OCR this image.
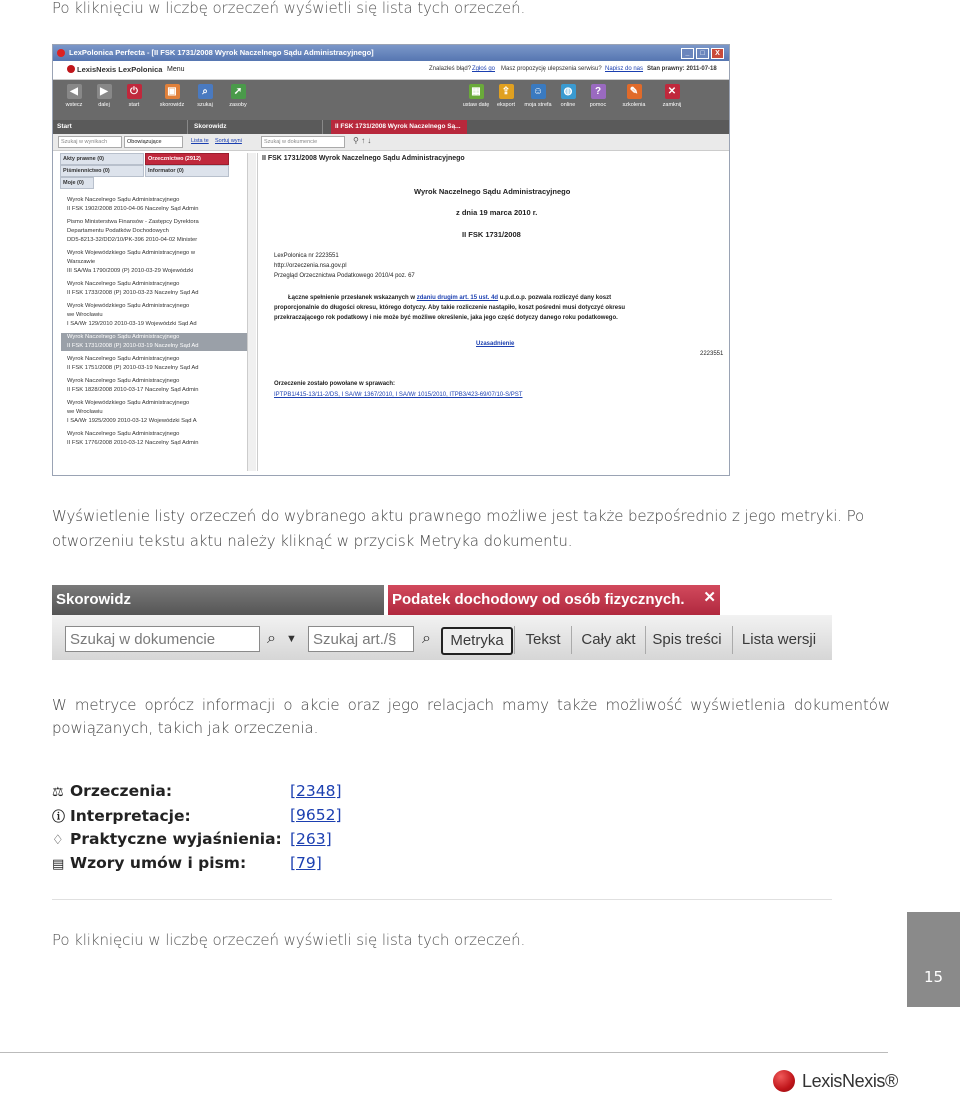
Po kliknięciu w liczbę orzeczeń wyświetli się lista tych orzeczeń.
LexPolonica Perfecta - [II FSK 1731/2008 Wyrok Naczelnego Sądu Administracyjnego]	_	□	X
LexisNexis LexPolonica Menu	Znalazłeś błąd? Zgłoś go Masz propozycję ulepszenia serwisu? Napisz do nas Stan prawny: 2011-07-18
◀
wstecz
▶
dalej
⏻
start
▣
skorowidz
⌕
szukaj
➚
zasoby
▦
ustaw datę
⇪
eksport
☺
moja strefa
◍
online
?
pomoc
✎
szkolenia
✕
zamknij
Start	Skorowidz	II FSK 1731/2008 Wyrok Naczelnego Są...
Szukaj w wynikach	Obowiązujące	Lista te Sortuj wyni	Szukaj w dokumencie	⚲ ↑ ↓
Akty prawne (0)	Orzecznictwo (2912)
Piśmiennictwo (0)	Informator (0)
Moje (0)
Wyrok Naczelnego Sądu Administracyjnego
II FSK 1902/2008 2010-04-06 Naczelny Sąd Admin
Pismo Ministerstwa Finansów - Zastępcy Dyrektora
Departamentu Podatków Dochodowych
DD5-8213-32/DD2/10/PK-396 2010-04-02 Minister
Wyrok Wojewódzkiego Sądu Administracyjnego w
Warszawie
III SA/Wa 1790/2009 (P) 2010-03-29 Wojewódzki
Wyrok Naczelnego Sądu Administracyjnego
II FSK 1733/2008 (P) 2010-03-23 Naczelny Sąd Ad
Wyrok Wojewódzkiego Sądu Administracyjnego
we Wrocławiu
I SA/Wr 129/2010 2010-03-19 Wojewódzki Sąd Ad
Wyrok Naczelnego Sądu Administracyjnego
II FSK 1731/2008 (P) 2010-03-19 Naczelny Sąd Ad
Wyrok Naczelnego Sądu Administracyjnego
II FSK 1751/2008 (P) 2010-03-19 Naczelny Sąd Ad
Wyrok Naczelnego Sądu Administracyjnego
II FSK 1828/2008 2010-03-17 Naczelny Sąd Admin
Wyrok Wojewódzkiego Sądu Administracyjnego
we Wrocławiu
I SA/Wr 1925/2009 2010-03-12 Wojewódzki Sąd A
Wyrok Naczelnego Sądu Administracyjnego
II FSK 1776/2008 2010-03-12 Naczelny Sąd Admin
II FSK 1731/2008 Wyrok Naczelnego Sądu Administracyjnego
Wyrok Naczelnego Sądu Administracyjnego
z dnia 19 marca 2010 r.
II FSK 1731/2008
LexPolonica nr 2223551
http://orzeczenia.nsa.gov.pl
Przegląd Orzecznictwa Podatkowego 2010/4 poz. 67
Łączne spełnienie przesłanek wskazanych w zdaniu drugim art. 15 ust. 4d u.p.d.o.p. pozwala rozliczyć dany koszt
proporcjonalnie do długości okresu, którego dotyczy. Aby takie rozliczenie nastąpiło, koszt pośredni musi dotyczyć okresu
przekraczającego rok podatkowy i nie może być możliwe określenie, jaka jego część dotyczy danego roku podatkowego.
Uzasadnienie
2223551
Orzeczenie zostało powołane w sprawach:
IPTPB1/415-13/11-2/DS, I SA/Wr 1367/2010, I SA/Wr 1015/2010, ITPB3/423-69/07/10-S/PST
Wyświetlenie listy orzeczeń do wybranego aktu prawnego możliwe jest także bezpośrednio z jego metryki. Po
otworzeniu tekstu aktu należy kliknąć w przycisk Metryka dokumentu.
Skorowidz	Podatek dochodowy od osób fizycznych. ✕
Szukaj w dokumencie	⌕ ▼	Szukaj art./§	⌕	Metryka	Tekst	Cały akt	Spis treści	Lista wersji
W metryce oprócz informacji o akcie oraz jego relacjach mamy także możliwość wyświetlenia dokumentów
powiązanych, takich jak orzeczenia.
⚖ Orzeczenia:	[2348]
ⓘ Interpretacje:	[9652]
♢ Praktyczne wyjaśnienia: [263]
▤ Wzory umów i pism:	[79]
Po kliknięciu w liczbę orzeczeń wyświetli się lista tych orzeczeń.
15
LexisNexis®
